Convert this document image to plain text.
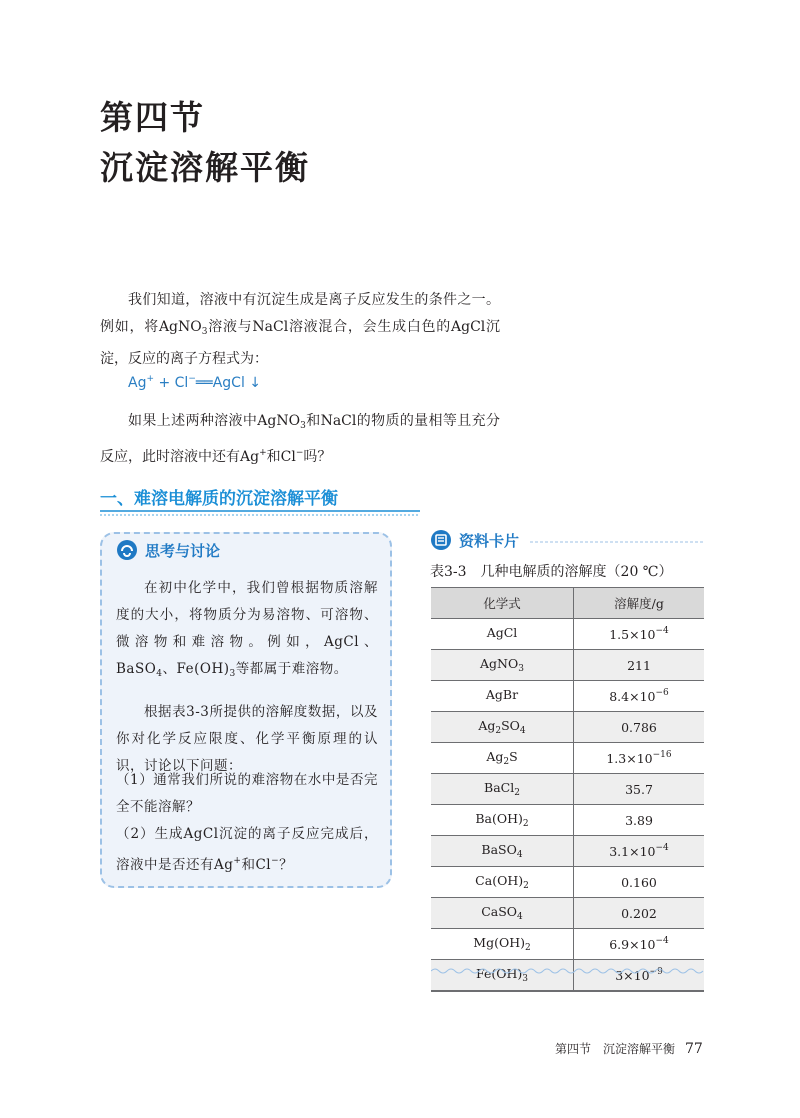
第四节
沉淀溶解平衡
我们知道，溶液中有沉淀生成是离子反应发生的条件之一。例如，将AgNO$_3$溶液与NaCl溶液混合，会生成白色的AgCl沉淀，反应的离子方程式为：
Ag+ + Cl−══AgCl ↓
如果上述两种溶液中AgNO$_3$和NaCl的物质的量相等且充分反应，此时溶液中还有Ag+和Cl−吗？
一、难溶电解质的沉淀溶解平衡
思考与讨论
在初中化学中，我们曾根据物质溶解度的大小，将物质分为易溶物、可溶物、微溶物和难溶物。例如，AgCl、BaSO$_4$、$Fe(OH)_3$等都属于难溶物。
根据表3-3所提供的溶解度数据，以及你对化学反应限度、化学平衡原理的认识，讨论以下问题：
（1）通常我们所说的难溶物在水中是否完全不能溶解？
（2）生成AgCl沉淀的离子反应完成后，溶液中是否还有Ag+和Cl−？
资料卡片
表3-3　几种电解质的溶解度（20 ℃）
化学式	溶解度/g
AgCl	$1.5\times 10^{-4}$
AgNO$_3$	211
AgBr	$8.4\times 10^{-6}$
$Ag_2SO_4$	0.786
$Ag_2S$	$1.3\times 10^{-16}$
BaCl$_2$	35.7
$Ba(OH)_2$	3.89
BaSO$_4$	$3.1\times 10^{-4}$
$Ca(OH)_2$	0.160
CaSO$_4$	0.202
$Mg(OH)_2$	$6.9\times 10^{-4}$
$Fe(OH)_3$	$3\times 10^{-9}$
第四节　沉淀溶解平衡 77
